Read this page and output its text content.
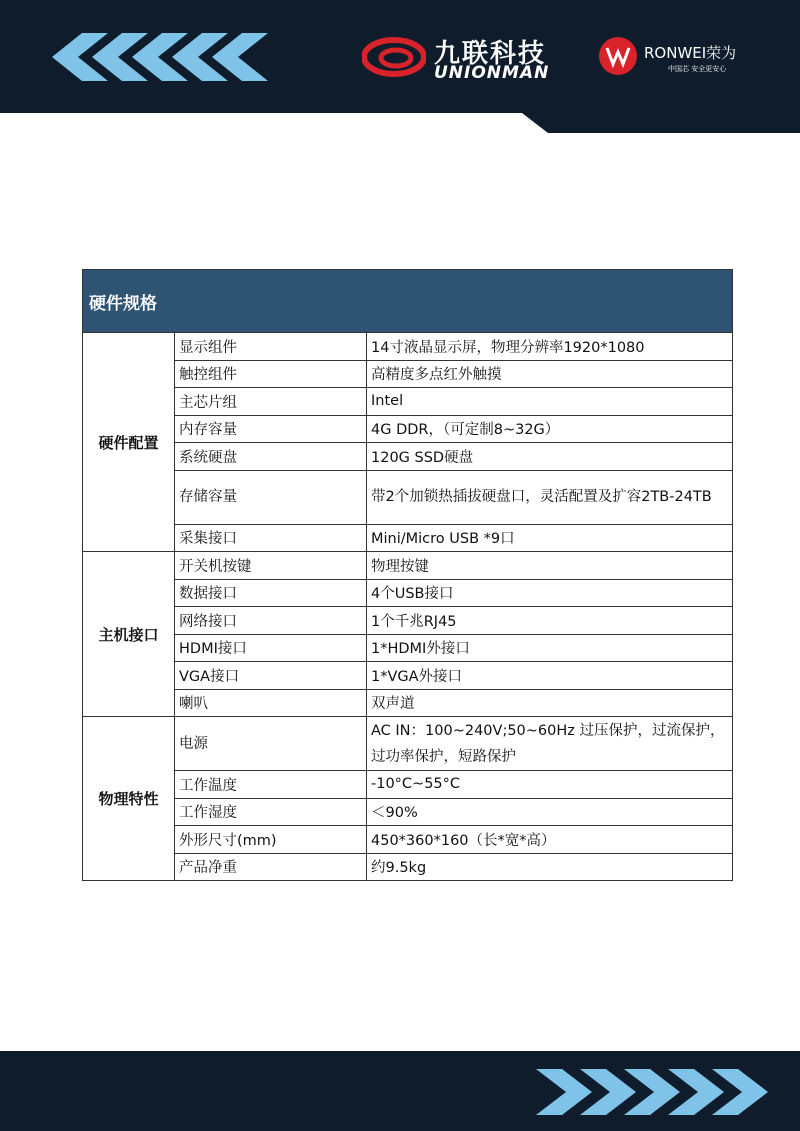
九联科技
UNIONMAN
RONWEI荣为
中国芯 安全更安心
硬件规格		
硬件配置	显示组件	14寸液晶显示屏，物理分辨率1920*1080
	触控组件	高精度多点红外触摸
	主芯片组	Intel
	内存容量	4G DDR，（可定制8~32G）
	系统硬盘	120G SSD硬盘
	存储容量	带2个加锁热插拔硬盘口，灵活配置及扩容2TB-24TB
	采集接口	Mini/Micro USB *9口
主机接口	开关机按键	物理按键
	数据接口	4个USB接口
	网络接口	1个千兆RJ45
	HDMI接口	1*HDMI外接口
	VGA接口	1*VGA外接口
	喇叭	双声道
物理特性	电源	AC IN：100~240V;50~60Hz 过压保护，过流保护，过功率保护，短路保护
	工作温度	-10°C~55°C
	工作湿度	＜90%
	外形尺寸(mm)	450*360*160（长*宽*高）
	产品净重	约9.5kg
